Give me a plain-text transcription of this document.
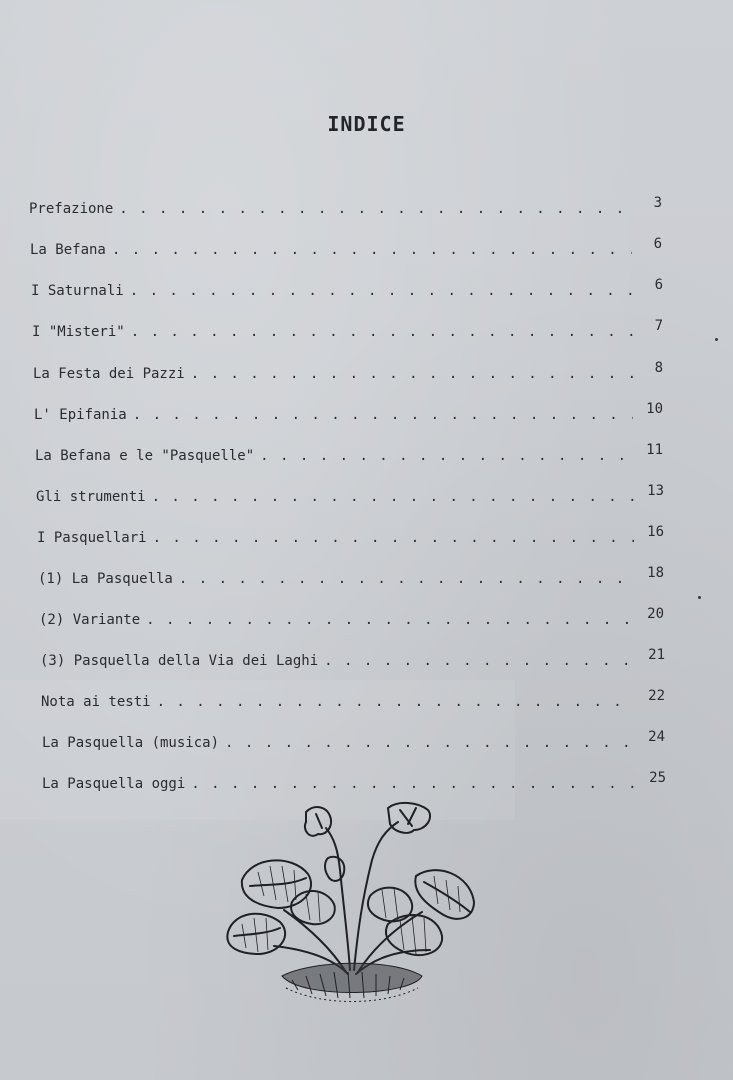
INDICE
Prefazione . . .	3
La Befana . . .	6
I Saturnali . . .	6
I "Misteri" . . .	7
La Festa dei Pazzi . . .	8
L' Epifania . . .	10
La Befana e le "Pasquelle" . . .	11
Gli strumenti . . .	13
I Pasquellari . . .	16
(1) La Pasquella . . .	18
(2) Variante . . .	20
(3) Pasquella della Via dei Laghi . . .	21
Nota ai testi . . .	22
La Pasquella (musica) . . .	24
La Pasquella oggi . . .	25
